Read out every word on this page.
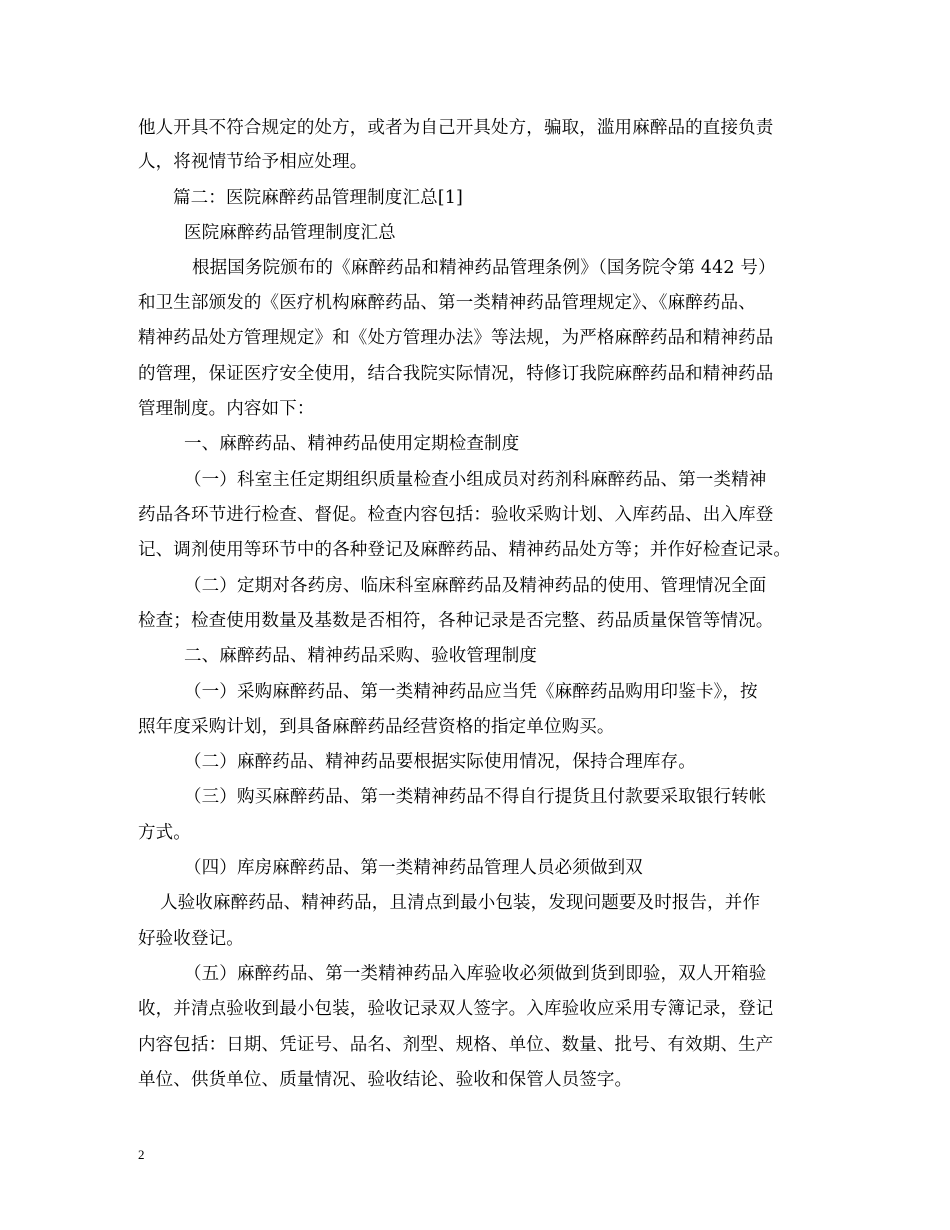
他人开具不符合规定的处方，或者为自己开具处方，骗取，滥用麻醉品的直接负责
人，将视情节给予相应处理。
篇二：医院麻醉药品管理制度汇总[1]
医院麻醉药品管理制度汇总
根据国务院颁布的《麻醉药品和精神药品管理条例》（国务院令第 442 号）
和卫生部颁发的《医疗机构麻醉药品、第一类精神药品管理规定》、《麻醉药品、
精神药品处方管理规定》和《处方管理办法》等法规，为严格麻醉药品和精神药品
的管理，保证医疗安全使用，结合我院实际情况，特修订我院麻醉药品和精神药品
管理制度。内容如下：
一、麻醉药品、精神药品使用定期检查制度
（一）科室主任定期组织质量检查小组成员对药剂科麻醉药品、第一类精神
药品各环节进行检查、督促。检查内容包括：验收采购计划、入库药品、出入库登
记、调剂使用等环节中的各种登记及麻醉药品、精神药品处方等；并作好检查记录。
（二）定期对各药房、临床科室麻醉药品及精神药品的使用、管理情况全面
检查；检查使用数量及基数是否相符，各种记录是否完整、药品质量保管等情况。
二、麻醉药品、精神药品采购、验收管理制度
（一）采购麻醉药品、第一类精神药品应当凭《麻醉药品购用印鉴卡》，按
照年度采购计划，到具备麻醉药品经营资格的指定单位购买。
（二）麻醉药品、精神药品要根据实际使用情况，保持合理库存。
（三）购买麻醉药品、第一类精神药品不得自行提货且付款要采取银行转帐
方式。
（四）库房麻醉药品、第一类精神药品管理人员必须做到双
人验收麻醉药品、精神药品，且清点到最小包装，发现问题要及时报告，并作
好验收登记。
（五）麻醉药品、第一类精神药品入库验收必须做到货到即验，双人开箱验
收，并清点验收到最小包装，验收记录双人签字。入库验收应采用专簿记录，登记
内容包括：日期、凭证号、品名、剂型、规格、单位、数量、批号、有效期、生产
单位、供货单位、质量情况、验收结论、验收和保管人员签字。
2
